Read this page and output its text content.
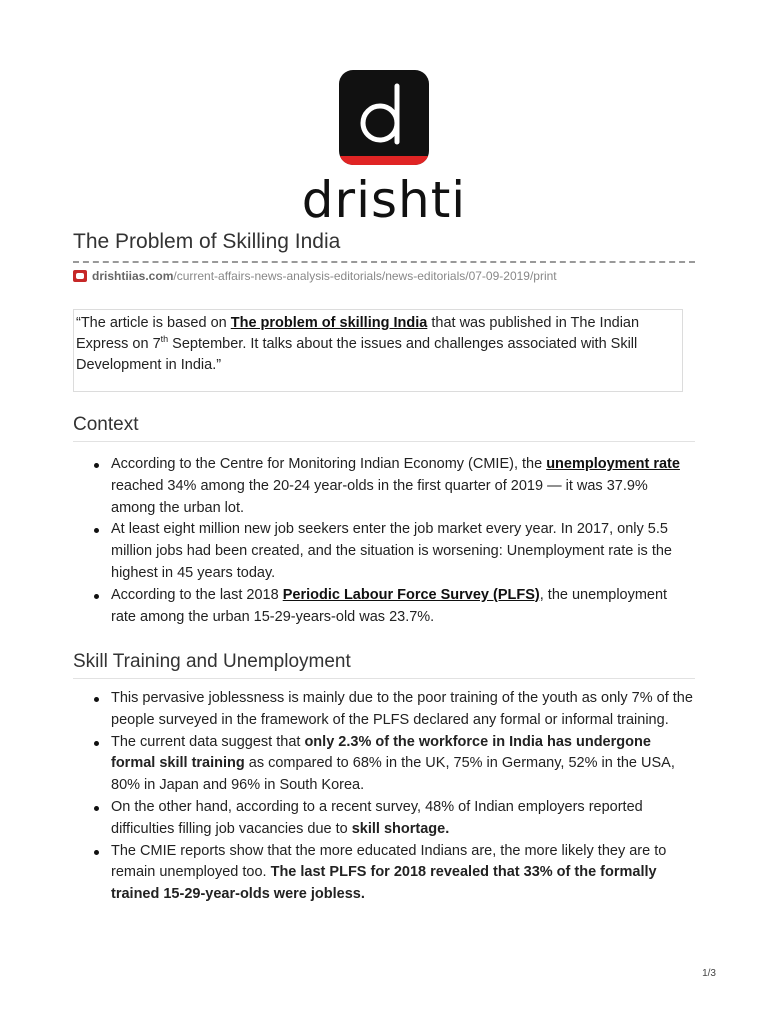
drishti
The Problem of Skilling India
drishtiias.com /current-affairs-news-analysis-editorials/news-editorials/07-09-2019/print
“The article is based on The problem of skilling India that was published in The Indian Express on 7th September. It talks about the issues and challenges associated with Skill Development in India.”
Context
According to the Centre for Monitoring Indian Economy (CMIE), the unemployment rate reached 34% among the 20-24 year-olds in the first quarter of 2019 — it was 37.9% among the urban lot.
At least eight million new job seekers enter the job market every year. In 2017, only 5.5 million jobs had been created, and the situation is worsening: Unemployment rate is the highest in 45 years today.
According to the last 2018 Periodic Labour Force Survey (PLFS), the unemployment rate among the urban 15-29-years-old was 23.7%.
Skill Training and Unemployment
This pervasive joblessness is mainly due to the poor training of the youth as only 7% of the people surveyed in the framework of the PLFS declared any formal or informal training.
The current data suggest that only 2.3% of the workforce in India has undergone formal skill training as compared to 68% in the UK, 75% in Germany, 52% in the USA, 80% in Japan and 96% in South Korea.
On the other hand, according to a recent survey, 48% of Indian employers reported difficulties filling job vacancies due to skill shortage.
The CMIE reports show that the more educated Indians are, the more likely they are to remain unemployed too. The last PLFS for 2018 revealed that 33% of the formally trained 15-29-year-olds were jobless.
1/3
